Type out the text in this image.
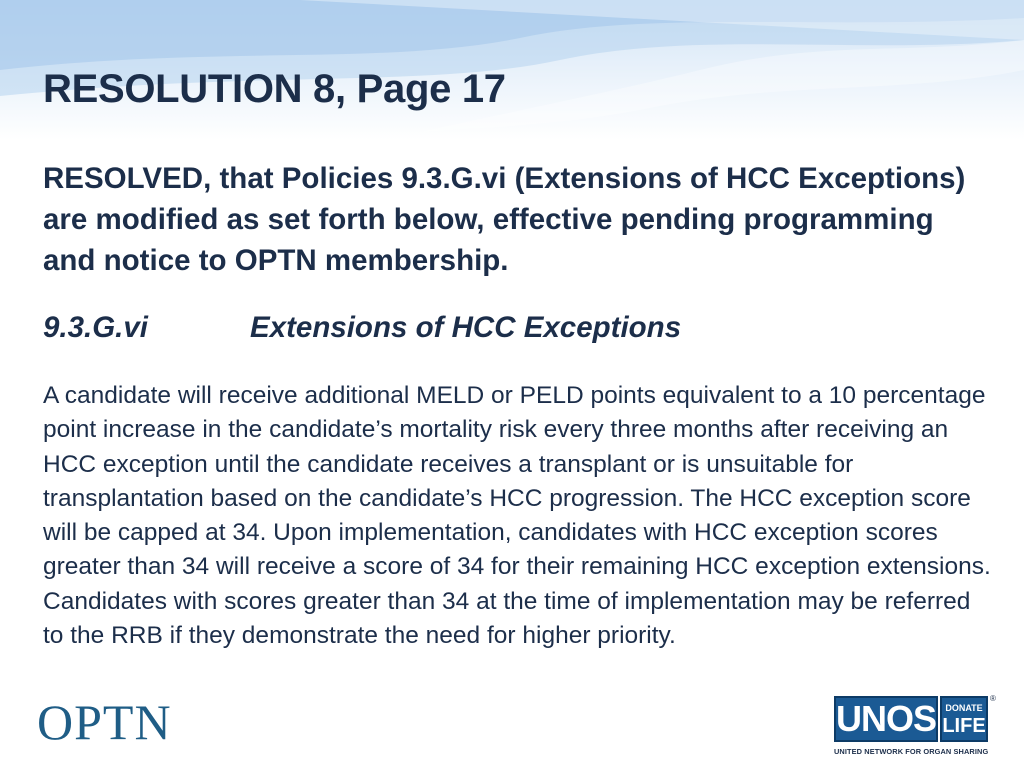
RESOLUTION 8, Page 17

RESOLVED, that Policies 9.3.G.vi (Extensions of HCC Exceptions) are modified as set forth below, effective pending programming and notice to OPTN membership.

9.3.G.vi	Extensions of HCC Exceptions

A candidate will receive additional MELD or PELD points equivalent to a 10 percentage point increase in the candidate’s mortality risk every three months after receiving an HCC exception until the candidate receives a transplant or is unsuitable for transplantation based on the candidate’s HCC progression. The HCC exception score will be capped at 34. Upon implementation, candidates with HCC exception scores greater than 34 will receive a score of 34 for their remaining HCC exception extensions. Candidates with scores greater than 34 at the time of implementation may be referred to the RRB if they demonstrate the need for higher priority.

OPTN	UNOS	DONATE
LIFE
®
UNITED NETWORK FOR ORGAN SHARING
